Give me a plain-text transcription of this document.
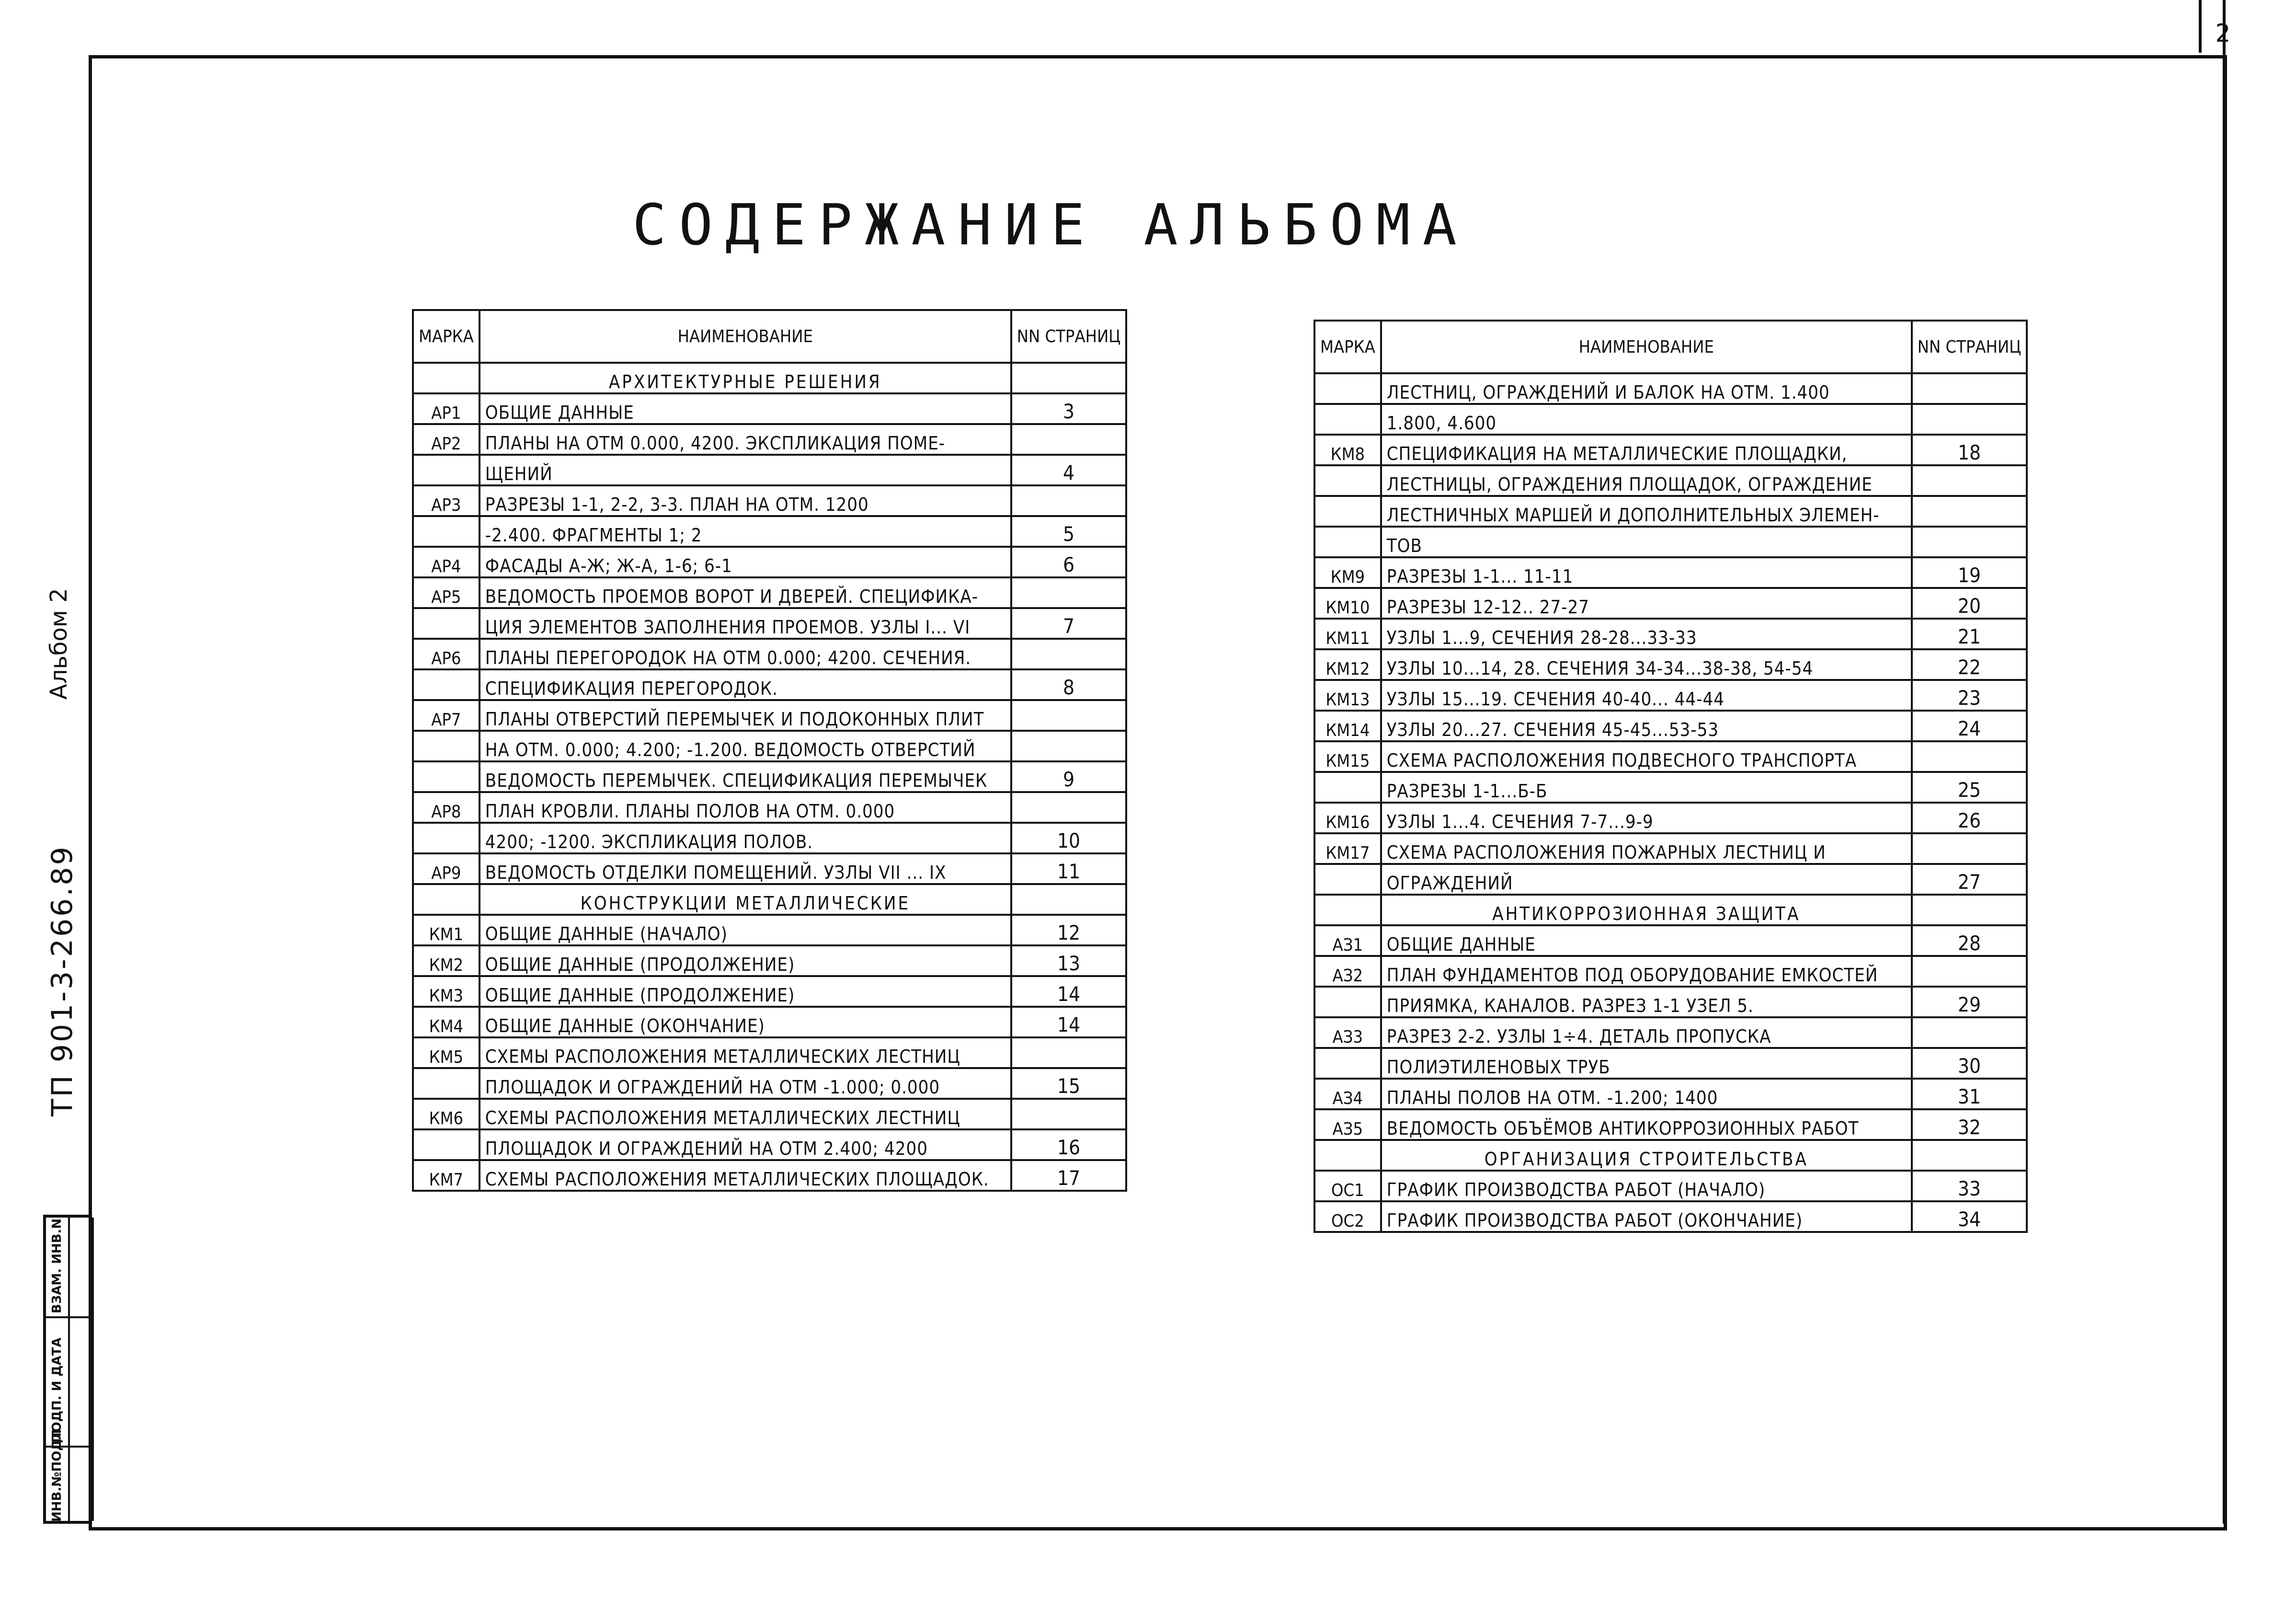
2
СОДЕРЖАНИЕ АЛЬБОМА
Альбом 2
ТП 901-3-266.89
ВЗАМ. ИНВ.N
ПОДП. И ДАТА
ИНВ.№ПОДЛ
МАРКА	НАИМЕНОВАНИЕ	NN СТРАНИЦ
	АРХИТЕКТУРНЫЕ РЕШЕНИЯ	
АР1	ОБЩИЕ ДАННЫЕ	3
АР2	ПЛАНЫ НА ОТМ 0.000, 4200. ЭКСПЛИКАЦИЯ ПОМЕ-	
	ЩЕНИЙ	4
АР3	РАЗРЕЗЫ 1-1, 2-2, 3-3. ПЛАН НА ОТМ. 1200	
	-2.400. ФРАГМЕНТЫ 1; 2	5
АР4	ФАСАДЫ А-Ж; Ж-А, 1-6; 6-1	6
АР5	ВЕДОМОСТЬ ПРОЕМОВ ВОРОТ И ДВЕРЕЙ. СПЕЦИФИКА-	
	ЦИЯ ЭЛЕМЕНТОВ ЗАПОЛНЕНИЯ ПРОЕМОВ. УЗЛЫ I... VI	7
АР6	ПЛАНЫ ПЕРЕГОРОДОК НА ОТМ 0.000; 4200. СЕЧЕНИЯ.	
	СПЕЦИФИКАЦИЯ ПЕРЕГОРОДОК.	8
АР7	ПЛАНЫ ОТВЕРСТИЙ ПЕРЕМЫЧЕК И ПОДОКОННЫХ ПЛИТ	
	НА ОТМ. 0.000; 4.200; -1.200. ВЕДОМОСТЬ ОТВЕРСТИЙ	
	ВЕДОМОСТЬ ПЕРЕМЫЧЕК. СПЕЦИФИКАЦИЯ ПЕРЕМЫЧЕК	9
АР8	ПЛАН КРОВЛИ. ПЛАНЫ ПОЛОВ НА ОТМ. 0.000	
	4200; -1200. ЭКСПЛИКАЦИЯ ПОЛОВ.	10
АР9	ВЕДОМОСТЬ ОТДЕЛКИ ПОМЕЩЕНИЙ. УЗЛЫ VII ... IX	11
	КОНСТРУКЦИИ МЕТАЛЛИЧЕСКИЕ	
КМ1	ОБЩИЕ ДАННЫЕ (НАЧАЛО)	12
КМ2	ОБЩИЕ ДАННЫЕ (ПРОДОЛЖЕНИЕ)	13
КМ3	ОБЩИЕ ДАННЫЕ (ПРОДОЛЖЕНИЕ)	14
КМ4	ОБЩИЕ ДАННЫЕ (ОКОНЧАНИЕ)	14
КМ5	СХЕМЫ РАСПОЛОЖЕНИЯ МЕТАЛЛИЧЕСКИХ ЛЕСТНИЦ	
	ПЛОЩАДОК И ОГРАЖДЕНИЙ НА ОТМ -1.000; 0.000	15
КМ6	СХЕМЫ РАСПОЛОЖЕНИЯ МЕТАЛЛИЧЕСКИХ ЛЕСТНИЦ	
	ПЛОЩАДОК И ОГРАЖДЕНИЙ НА ОТМ 2.400; 4200	16
КМ7	СХЕМЫ РАСПОЛОЖЕНИЯ МЕТАЛЛИЧЕСКИХ ПЛОЩАДОК.	17
МАРКА	НАИМЕНОВАНИЕ	NN СТРАНИЦ
	ЛЕСТНИЦ, ОГРАЖДЕНИЙ И БАЛОК НА ОТМ. 1.400	
	1.800, 4.600	
КМ8	СПЕЦИФИКАЦИЯ НА МЕТАЛЛИЧЕСКИЕ ПЛОЩАДКИ,	18
	ЛЕСТНИЦЫ, ОГРАЖДЕНИЯ ПЛОЩАДОК, ОГРАЖДЕНИЕ	
	ЛЕСТНИЧНЫХ МАРШЕЙ И ДОПОЛНИТЕЛЬНЫХ ЭЛЕМЕН-	
	ТОВ	
КМ9	РАЗРЕЗЫ 1-1... 11-11	19
КМ10	РАЗРЕЗЫ 12-12.. 27-27	20
КМ11	УЗЛЫ 1...9, СЕЧЕНИЯ 28-28...33-33	21
КМ12	УЗЛЫ 10...14, 28. СЕЧЕНИЯ 34-34...38-38, 54-54	22
КМ13	УЗЛЫ 15...19. СЕЧЕНИЯ 40-40... 44-44	23
КМ14	УЗЛЫ 20...27. СЕЧЕНИЯ 45-45...53-53	24
КМ15	СХЕМА РАСПОЛОЖЕНИЯ ПОДВЕСНОГО ТРАНСПОРТА	
	РАЗРЕЗЫ 1-1...Б-Б	25
КМ16	УЗЛЫ 1...4. СЕЧЕНИЯ 7-7...9-9	26
КМ17	СХЕМА РАСПОЛОЖЕНИЯ ПОЖАРНЫХ ЛЕСТНИЦ И	
	ОГРАЖДЕНИЙ	27
	АНТИКОРРОЗИОННАЯ ЗАЩИТА	
АЗ1	ОБЩИЕ ДАННЫЕ	28
АЗ2	ПЛАН ФУНДАМЕНТОВ ПОД ОБОРУДОВАНИЕ ЕМКОСТЕЙ	
	ПРИЯМКА, КАНАЛОВ. РАЗРЕЗ 1-1 УЗЕЛ 5.	29
АЗ3	РАЗРЕЗ 2-2. УЗЛЫ 1÷4. ДЕТАЛЬ ПРОПУСКА	
	ПОЛИЭТИЛЕНОВЫХ ТРУБ	30
АЗ4	ПЛАНЫ ПОЛОВ НА ОТМ. -1.200; 1400	31
АЗ5	ВЕДОМОСТЬ ОБЪЁМОВ АНТИКОРРОЗИОННЫХ РАБОТ	32
	ОРГАНИЗАЦИЯ СТРОИТЕЛЬСТВА	
ОС1	ГРАФИК ПРОИЗВОДСТВА РАБОТ (НАЧАЛО)	33
ОС2	ГРАФИК ПРОИЗВОДСТВА РАБОТ (ОКОНЧАНИЕ)	34
